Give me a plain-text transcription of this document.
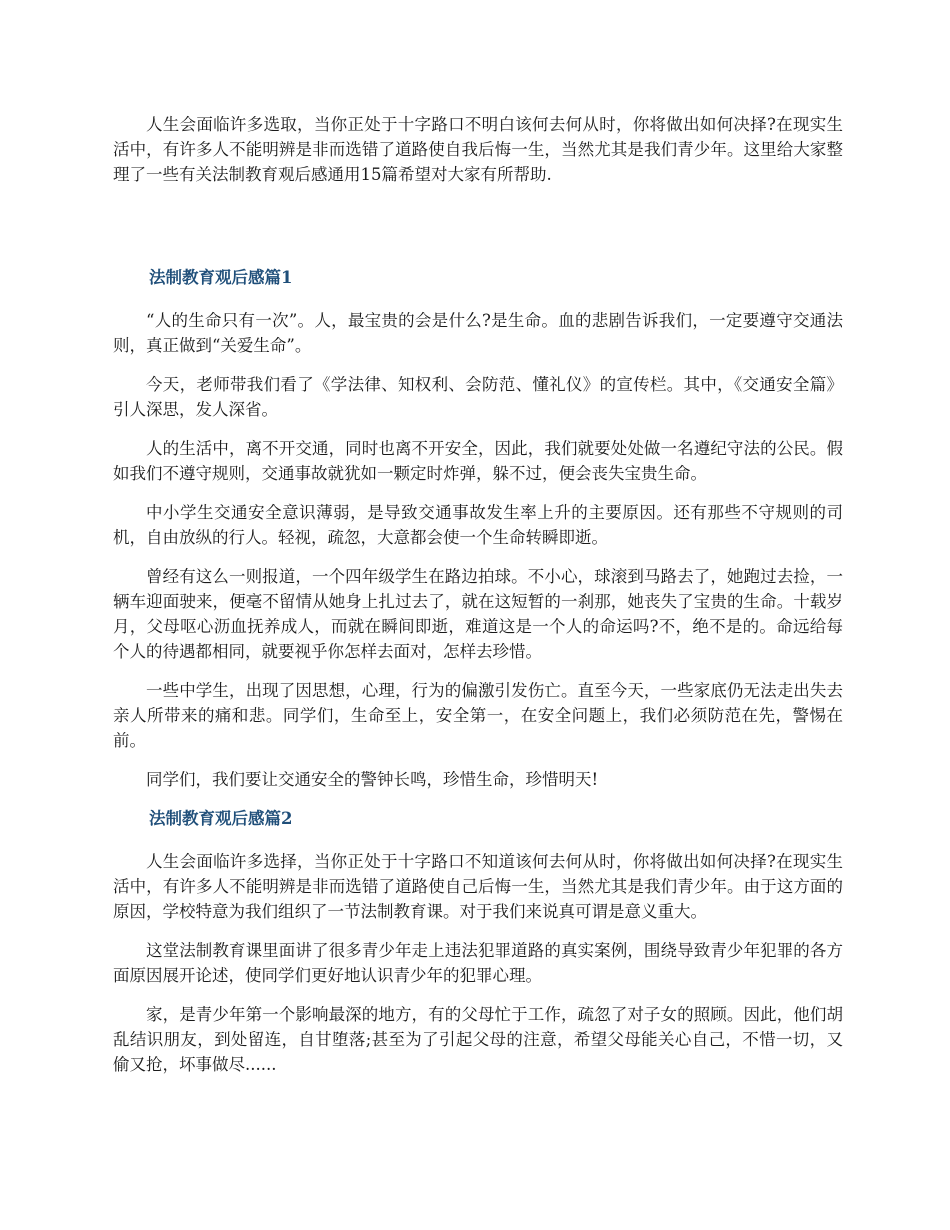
人生会面临许多选取，当你正处于十字路口不明白该何去何从时，你将做出如何决择?在现实生活中，有许多人不能明辨是非而选错了道路使自我后悔一生，当然尤其是我们青少年。这里给大家整理了一些有关法制教育观后感通用15篇希望对大家有所帮助.

法制教育观后感篇1

“人的生命只有一次”。人，最宝贵的会是什么?是生命。血的悲剧告诉我们，一定要遵守交通法则，真正做到“关爱生命”。

今天，老师带我们看了《学法律、知权利、会防范、懂礼仪》的宣传栏。其中，《交通安全篇》引人深思，发人深省。

人的生活中，离不开交通，同时也离不开安全，因此，我们就要处处做一名遵纪守法的公民。假如我们不遵守规则，交通事故就犹如一颗定时炸弹，躲不过，便会丧失宝贵生命。

中小学生交通安全意识薄弱，是导致交通事故发生率上升的主要原因。还有那些不守规则的司机，自由放纵的行人。轻视，疏忽，大意都会使一个生命转瞬即逝。

曾经有这么一则报道，一个四年级学生在路边拍球。不小心，球滚到马路去了，她跑过去捡，一辆车迎面驶来，便毫不留情从她身上扎过去了，就在这短暂的一刹那，她丧失了宝贵的生命。十载岁月，父母呕心沥血抚养成人，而就在瞬间即逝，难道这是一个人的命运吗?不，绝不是的。命远给每个人的待遇都相同，就要视乎你怎样去面对，怎样去珍惜。

一些中学生，出现了因思想，心理，行为的偏激引发伤亡。直至今天，一些家底仍无法走出失去亲人所带来的痛和悲。同学们，生命至上，安全第一，在安全问题上，我们必须防范在先，警惕在前。

同学们，我们要让交通安全的警钟长鸣，珍惜生命，珍惜明天!

法制教育观后感篇2

人生会面临许多选择，当你正处于十字路口不知道该何去何从时，你将做出如何决择?在现实生活中，有许多人不能明辨是非而选错了道路使自己后悔一生，当然尤其是我们青少年。由于这方面的原因，学校特意为我们组织了一节法制教育课。对于我们来说真可谓是意义重大。

这堂法制教育课里面讲了很多青少年走上违法犯罪道路的真实案例，围绕导致青少年犯罪的各方面原因展开论述，使同学们更好地认识青少年的犯罪心理。

家，是青少年第一个影响最深的地方，有的父母忙于工作，疏忽了对子女的照顾。因此，他们胡乱结识朋友，到处留连，自甘堕落;甚至为了引起父母的注意，希望父母能关心自己，不惜一切，又偷又抢，坏事做尽......
